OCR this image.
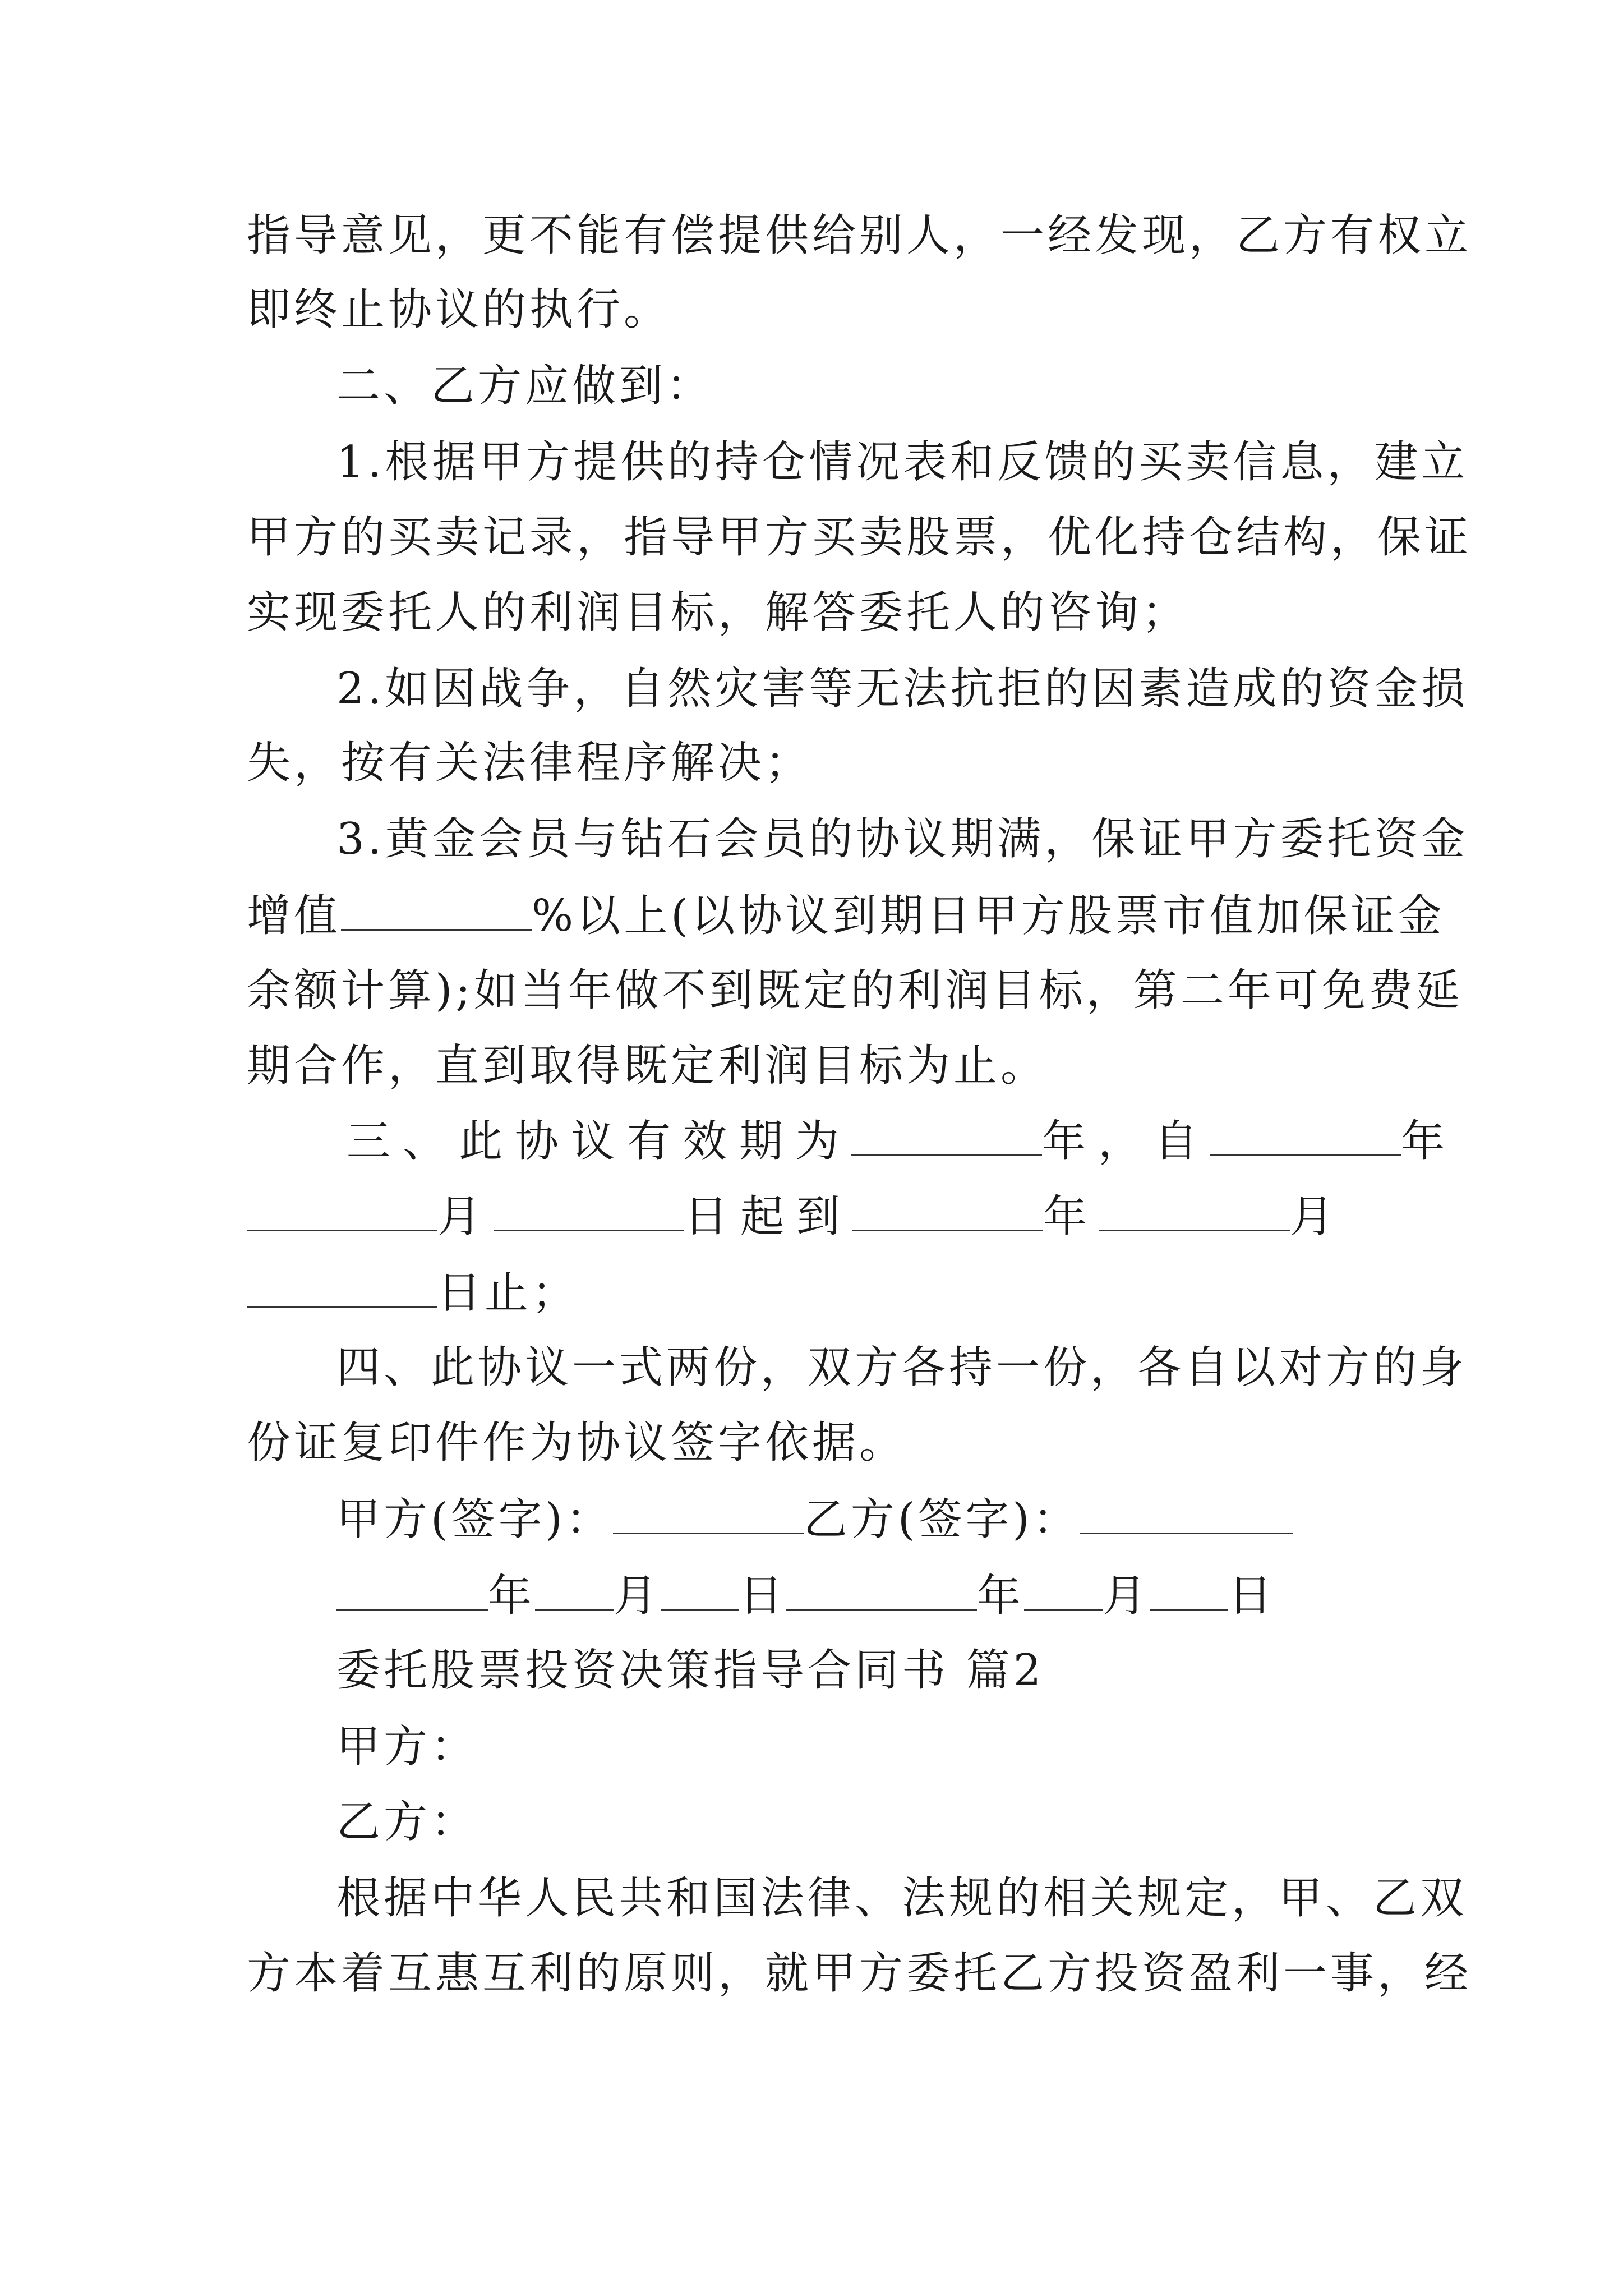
指导意见，更不能有偿提供给别人，一经发现，乙方有权立
即终止协议的执行。
二、乙方应做到：
1.根据甲方提供的持仓情况表和反馈的买卖信息，建立
甲方的买卖记录，指导甲方买卖股票，优化持仓结构，保证
实现委托人的利润目标，解答委托人的咨询；
2.如因战争，自然灾害等无法抗拒的因素造成的资金损
失，按有关法律程序解决；
3.黄金会员与钻石会员的协议期满，保证甲方委托资金
增值	%以上(以协议到期日甲方股票市值加保证金
余额计算);如当年做不到既定的利润目标，第二年可免费延
期合作，直到取得既定利润目标为止。
三、此协议有效期为	年，自	年
月	日起到	年	月
日止；
四、此协议一式两份，双方各持一份，各自以对方的身
份证复印件作为协议签字依据。
甲方(签字)：	乙方(签字)：
年 月 日	年 月 日
委托股票投资决策指导合同书 篇2
甲方：
乙方：
根据中华人民共和国法律、法规的相关规定，甲、乙双
方本着互惠互利的原则，就甲方委托乙方投资盈利一事，经
